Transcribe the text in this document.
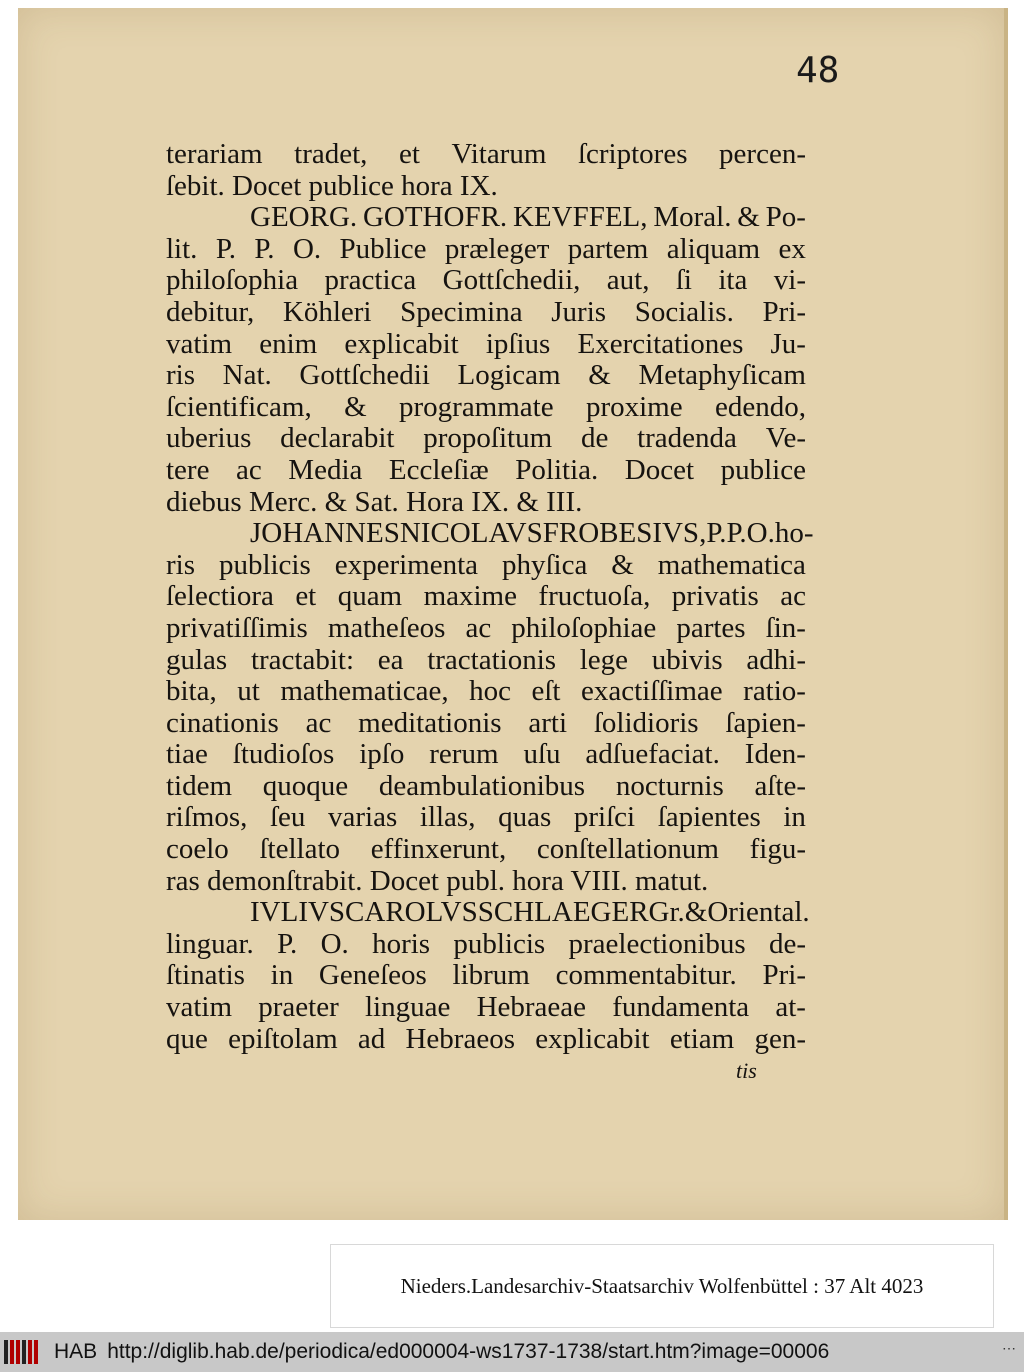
48
terariam tradet, et Vitarum ſcriptores percen-
ſebit. Docet publice hora IX.
GEORG. GOTHOFR. KEVFFEL, Moral. & Po-
lit. P. P. O. Publice prælegeт partem aliquam ex
philoſophia practica Gottſchedii, aut, ſi ita vi-
debitur, Köhleri Specimina Juris Socialis. Pri-
vatim enim explicabit ipſius Exercitationes Ju-
ris Nat. Gottſchedii Logicam & Metaphyſicam
ſcientificam, & programmate proxime edendo,
uberius declarabit propoſitum de tradenda Ve-
tere ac Media Eccleſiæ Politia. Docet publice
diebus Merc. & Sat. Hora IX. & III.
JOHANNES NICOLAVS FROBESIVS, P. P. O. ho-
ris publicis experimenta phyſica & mathematica
ſelectiora et quam maxime fructuoſa, privatis ac
privatiſſimis matheſeos ac philoſophiae partes ſin-
gulas tractabit: ea tractationis lege ubivis adhi-
bita, ut mathematicae, hoc eſt exactiſſimae ratio-
cinationis ac meditationis arti ſolidioris ſapien-
tiae ſtudioſos ipſo rerum uſu adſuefaciat. Iden-
tidem quoque deambulationibus nocturnis aſte-
riſmos, ſeu varias illas, quas priſci ſapientes in
coelo ſtellato effinxerunt, conſtellationum figu-
ras demonſtrabit. Docet publ. hora VIII. matut.
IVLIVS CAROLVS SCHLAEGER Gr. & Oriental.
linguar. P. O. horis publicis praelectionibus de-
ſtinatis in Geneſeos librum commentabitur. Pri-
vatim praeter linguae Hebraeae fundamenta at-
que epiſtolam ad Hebraeos explicabit etiam gen-
tis
Nieders.Landesarchiv-Staatsarchiv Wolfenbüttel : 37 Alt 4023
HAB http://diglib.hab.de/periodica/ed000004-ws1737-1738/start.htm?image=00006	⋯
